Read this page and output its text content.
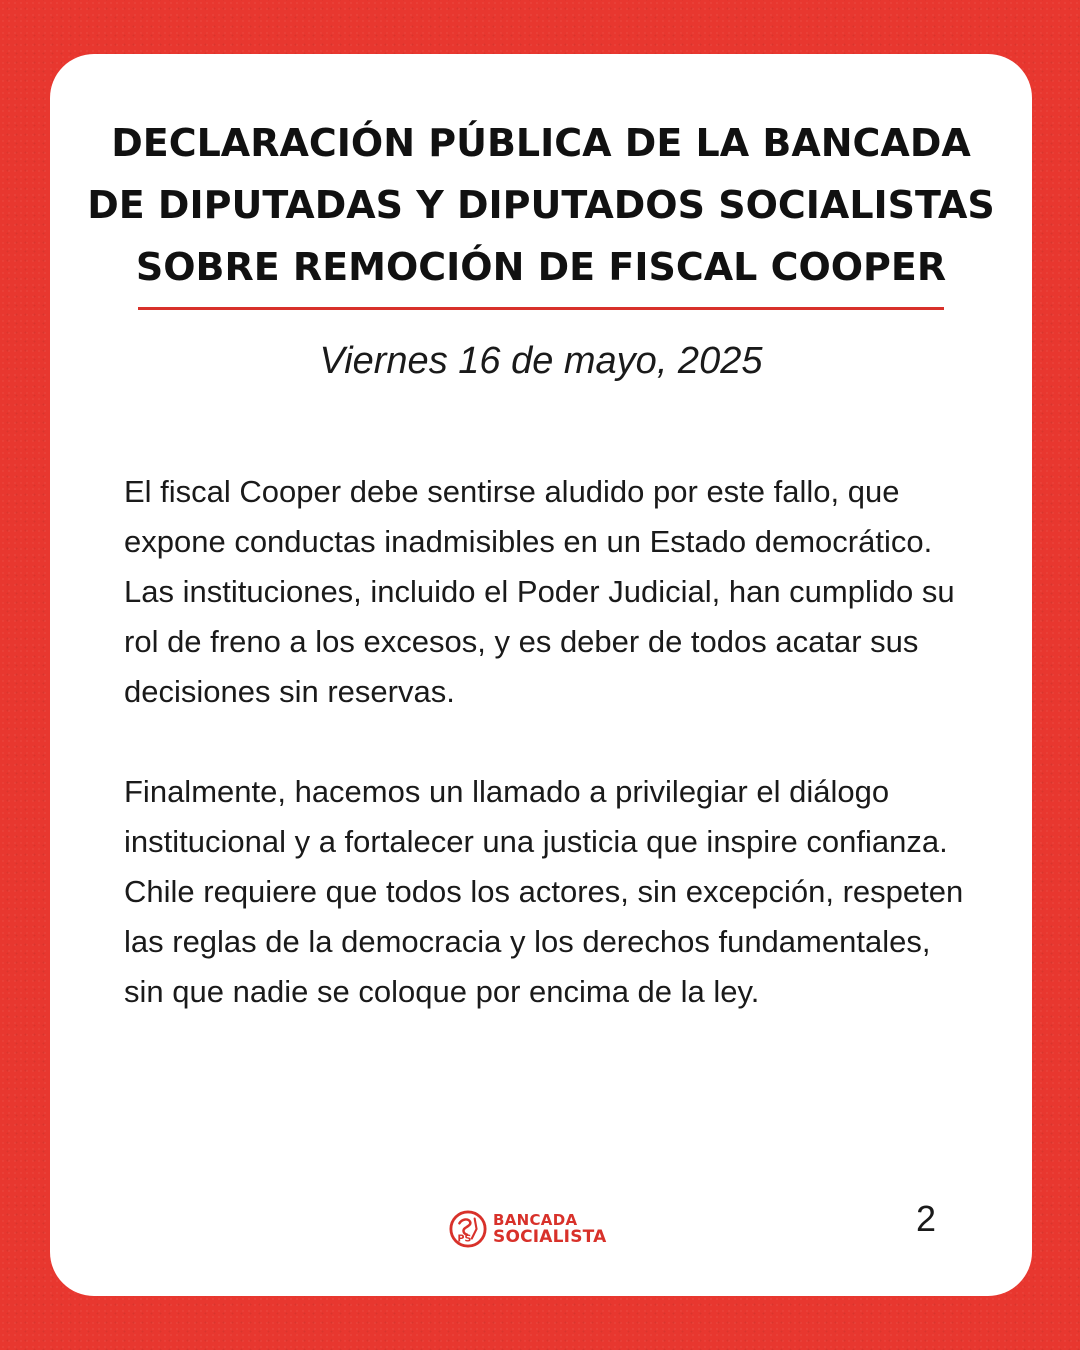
DECLARACIÓN PÚBLICA DE LA BANCADA
DE DIPUTADAS Y DIPUTADOS SOCIALISTAS
SOBRE REMOCIÓN DE FISCAL COOPER
Viernes 16 de mayo, 2025

El fiscal Cooper debe sentirse aludido por este fallo, que expone conductas inadmisibles en un Estado democrático. Las instituciones, incluido el Poder Judicial, han cumplido su rol de freno a los excesos, y es deber de todos acatar sus decisiones sin reservas.

Finalmente, hacemos un llamado a privilegiar el diálogo institucional y a fortalecer una justicia que inspire confianza. Chile requiere que todos los actores, sin excepción, respeten las reglas de la democracia y los derechos fundamentales, sin que nadie se coloque por encima de la ley.

PS
BANCADA
SOCIALISTA	2
